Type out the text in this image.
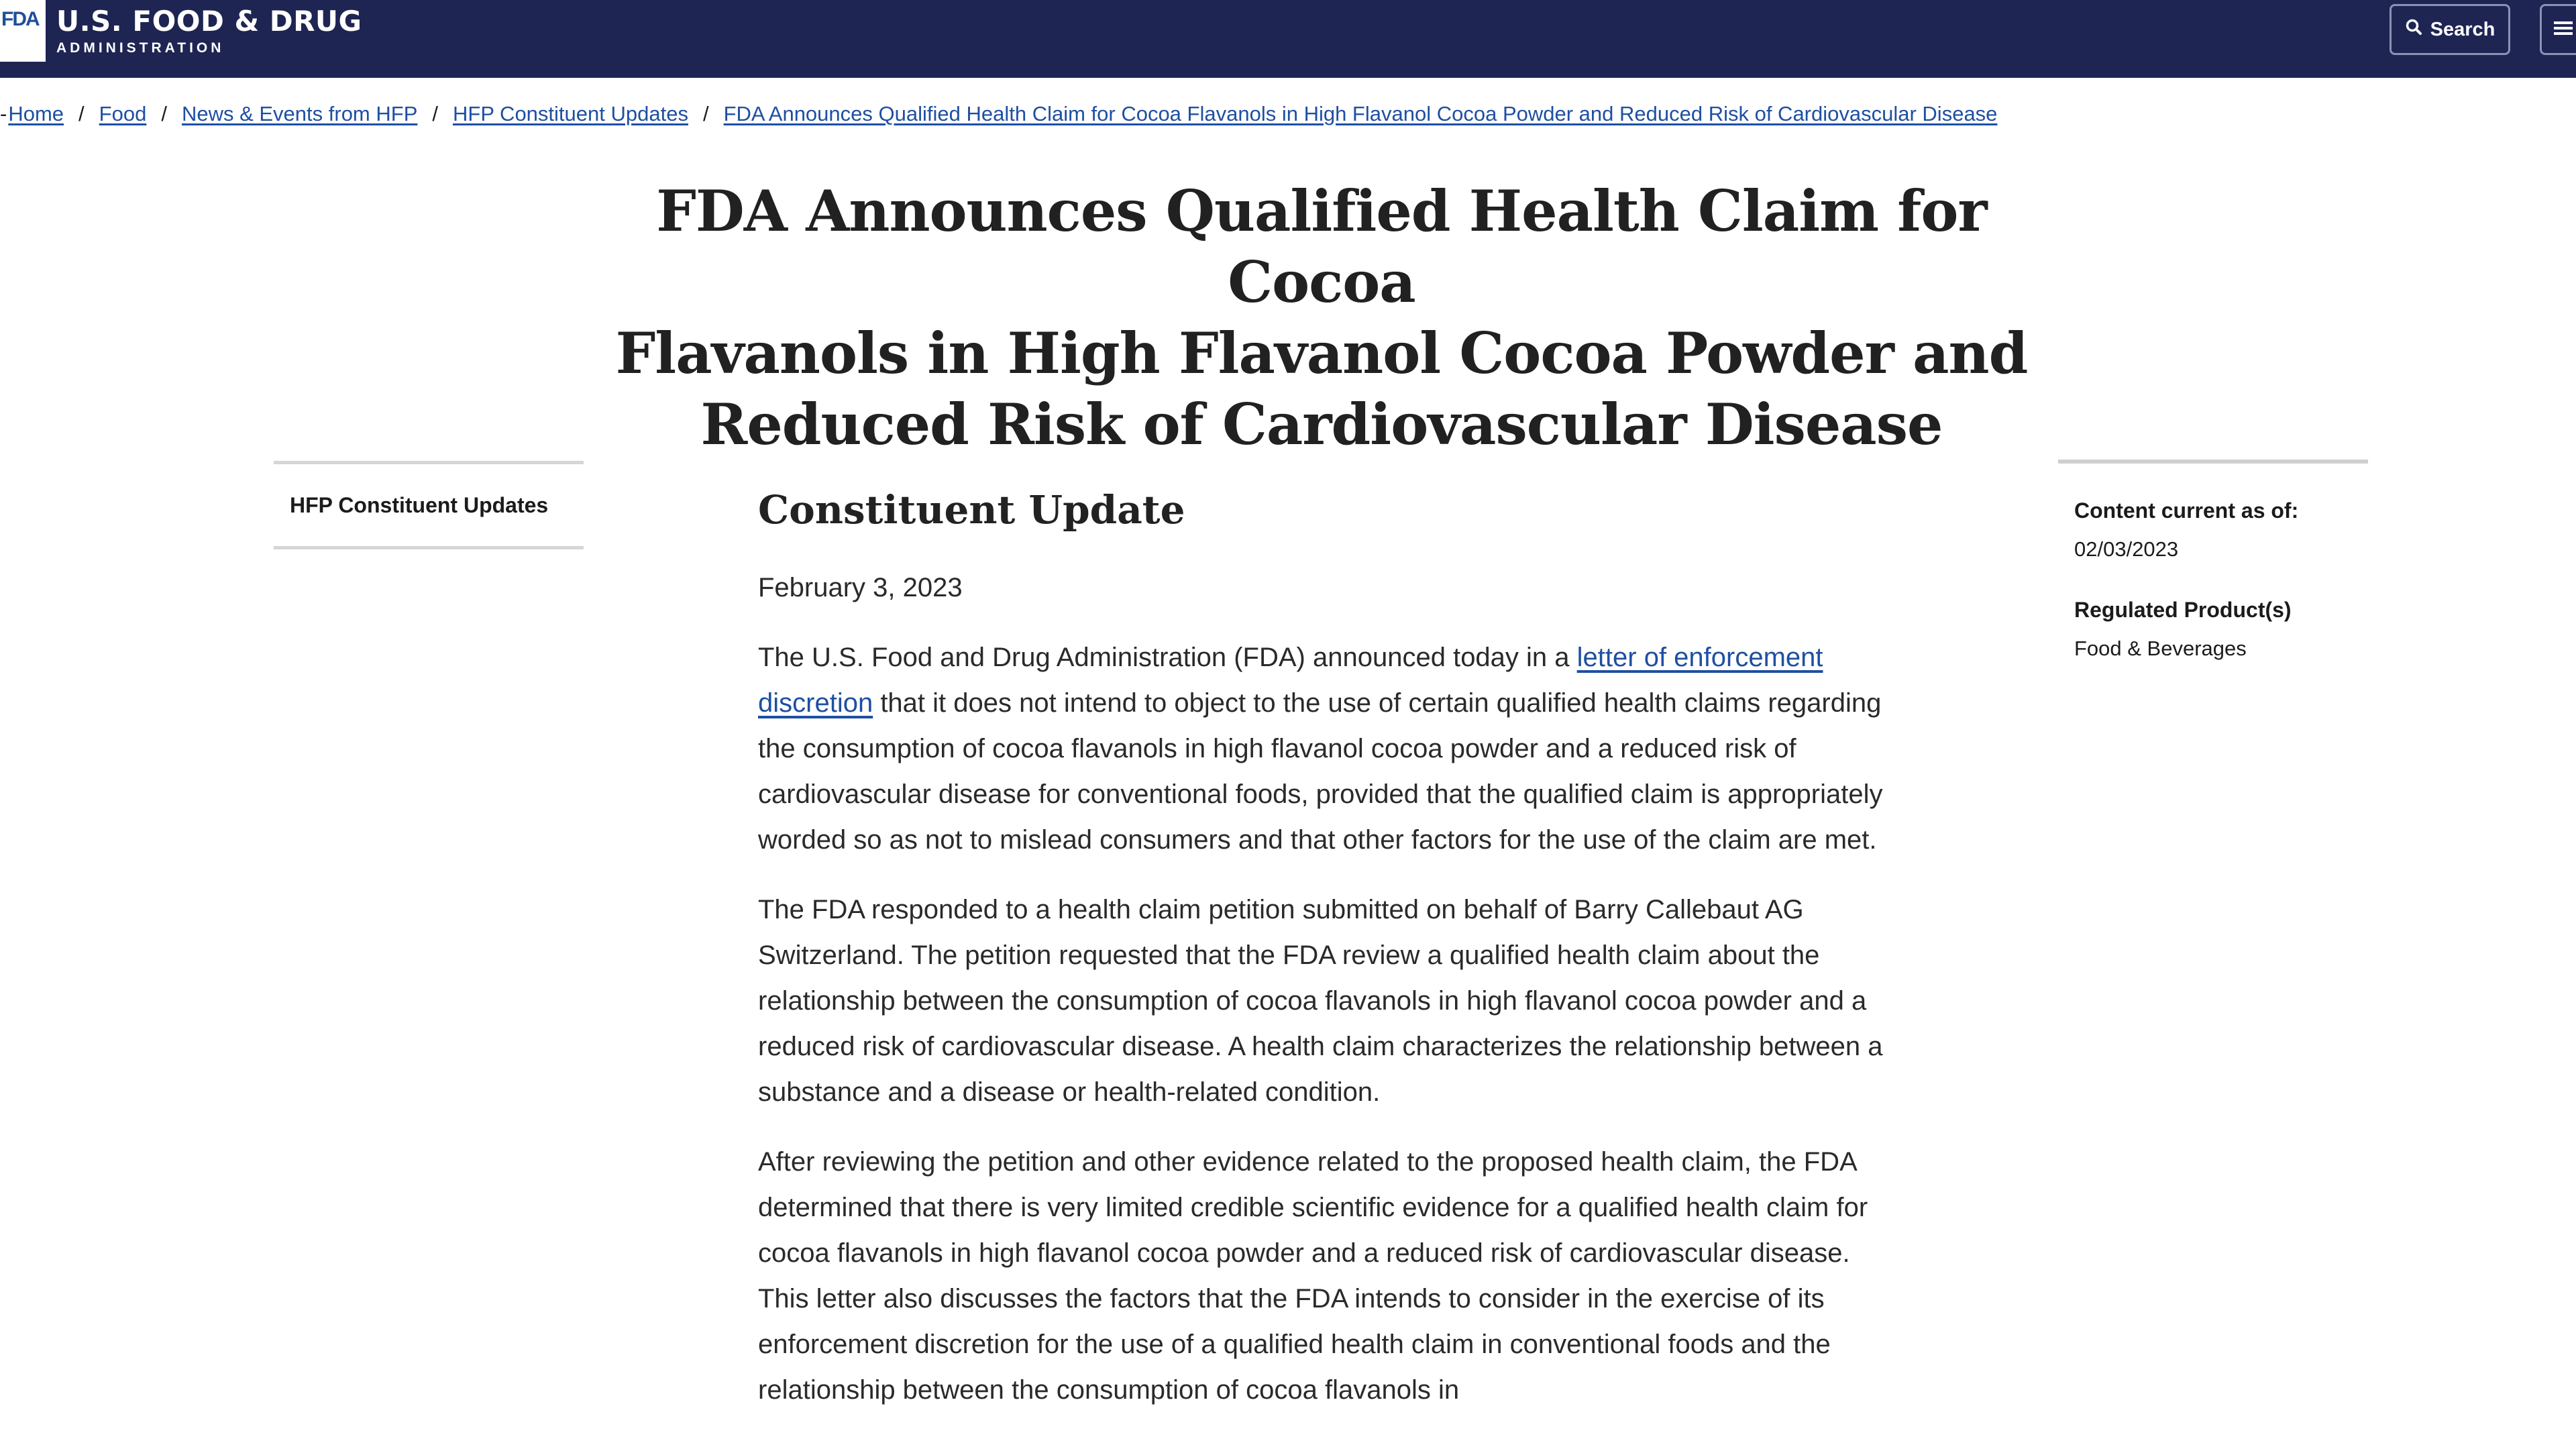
FDA U.S. FOOD & DRUG
ADMINISTRATION
Search
- Home / Food / News & Events from HFP / HFP Constituent Updates / FDA Announces Qualified Health Claim for Cocoa Flavanols in High Flavanol Cocoa Powder and Reduced Risk of Cardiovascular Disease
FDA Announces Qualified Health Claim for Cocoa
Flavanols in High Flavanol Cocoa Powder and
Reduced Risk of Cardiovascular Disease
HFP Constituent Updates	Constituent Update
February 3, 2023

The U.S. Food and Drug Administration (FDA) announced today in a letter of enforcement discretion that it does not intend to object to the use of certain qualified health claims regarding the consumption of cocoa flavanols in high flavanol cocoa powder and a reduced risk of cardiovascular disease for conventional foods, provided that the qualified claim is appropriately worded so as not to mislead consumers and that other factors for the use of the claim are met.

The FDA responded to a health claim petition submitted on behalf of Barry Callebaut AG Switzerland. The petition requested that the FDA review a qualified health claim about the relationship between the consumption of cocoa flavanols in high flavanol cocoa powder and a reduced risk of cardiovascular disease. A health claim characterizes the relationship between a substance and a disease or health-related condition.

After reviewing the petition and other evidence related to the proposed health claim, the FDA determined that there is very limited credible scientific evidence for a qualified health claim for cocoa flavanols in high flavanol cocoa powder and a reduced risk of cardiovascular disease. This letter also discusses the factors that the FDA intends to consider in the exercise of its enforcement discretion for the use of a qualified health claim in conventional foods and the relationship between the consumption of cocoa flavanols in

Content current as of:
02/03/2023
Regulated Product(s)
Food & Beverages
